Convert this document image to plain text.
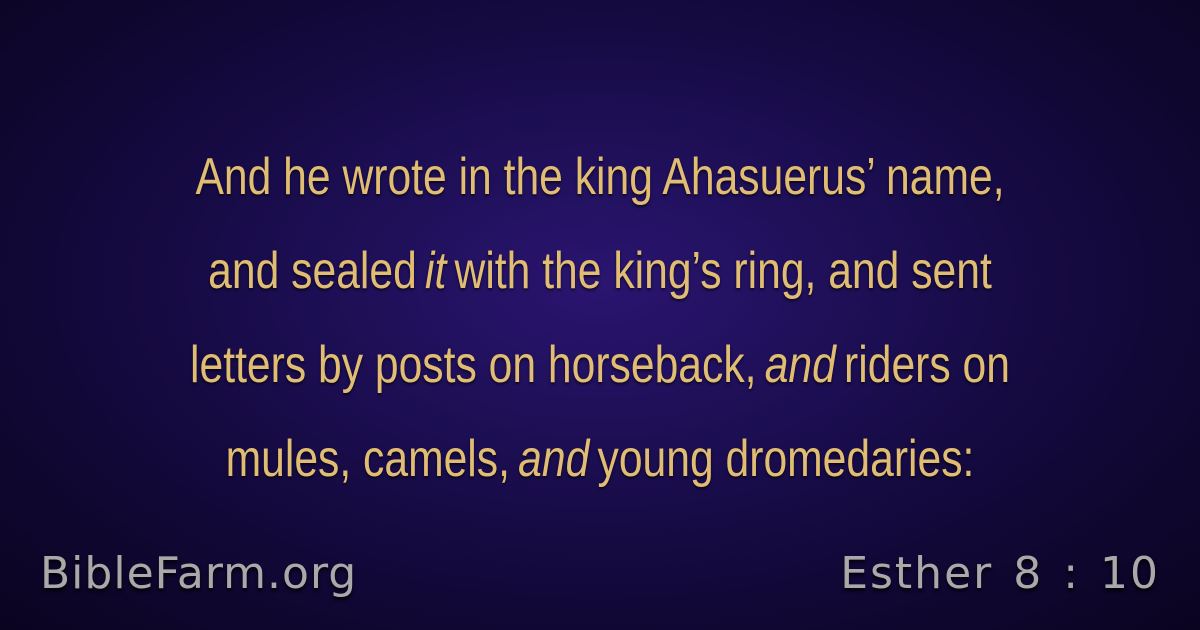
And he wrote in the king Ahasuerus’ name,
and sealed it with the king’s ring, and sent
letters by posts on horseback, and riders on
mules, camels, and young dromedaries:
BibleFarm.org	Esther 8 : 10
